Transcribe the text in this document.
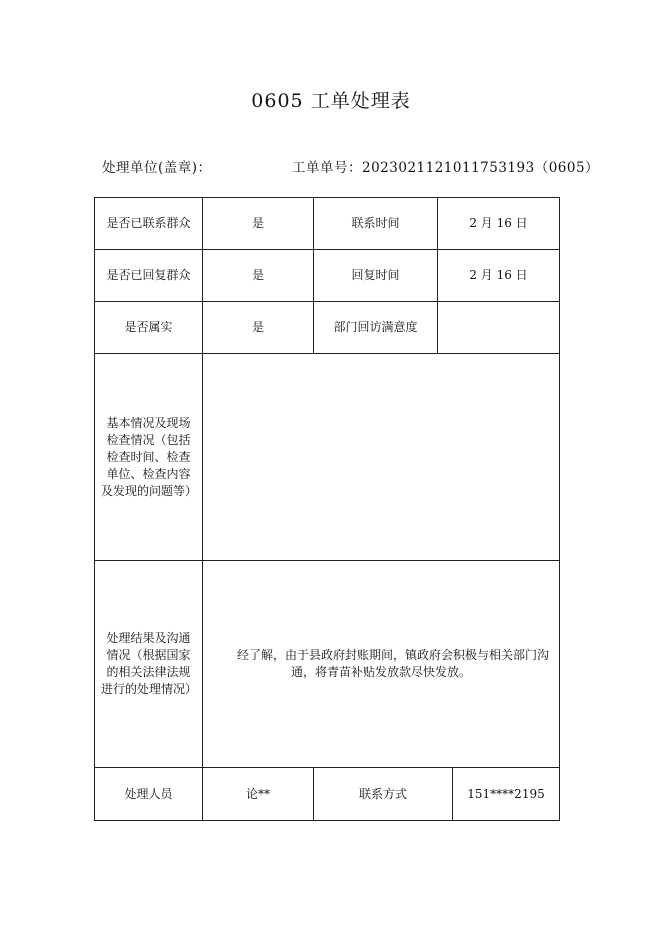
0605 工单处理表
处理单位(盖章)：	工单单号：2023021121011753193（0605）
是否已联系群众	是	联系时间	2 月 16 日	
是否已回复群众	是	回复时间	2 月 16 日	
是否属实	是	部门回访满意度		
基本情况及现场检查情况（包括检查时间、检查单位、检查内容及发现的问题等）				
处理结果及沟通情况（根据国家的相关法律法规进行的处理情况）	经了解，由于县政府封账期间，镇政府会积极与相关部门沟通，将青苗补贴发放款尽快发放。			

处理人员	论**	联系方式		151****2195
